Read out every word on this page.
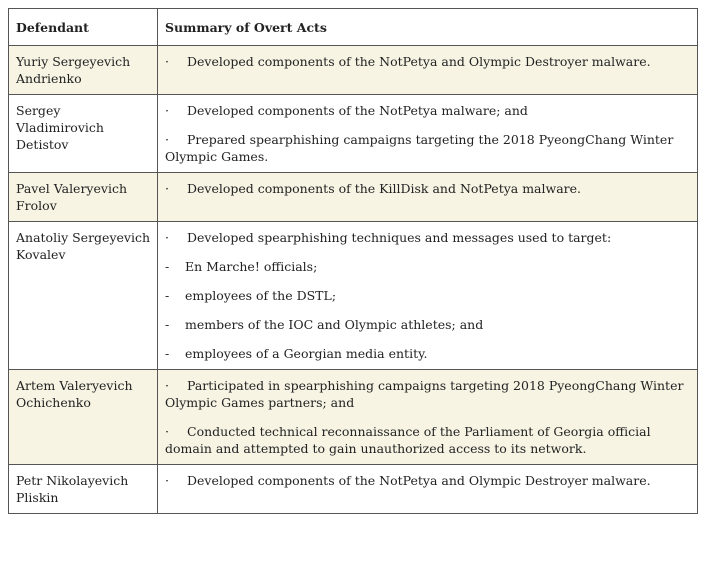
Defendant	Summary of Overt Acts
Yuriy Sergeyevich Andrienko	· Developed components of the NotPetya and Olympic Destroyer malware.

Sergey Vladimirovich Detistov	· Developed components of the NotPetya malware; and
· Prepared spearphishing campaigns targeting the 2018 PyeongChang Winter Olympic Games.

Pavel Valeryevich Frolov	· Developed components of the KillDisk and NotPetya malware.

Anatoliy Sergeyevich Kovalev	· Developed spearphishing techniques and messages used to target:
- En Marche! officials;
- employees of the DSTL;
- members of the IOC and Olympic athletes; and
- employees of a Georgian media entity.

Artem Valeryevich Ochichenko	· Participated in spearphishing campaigns targeting 2018 PyeongChang Winter Olympic Games partners; and
· Conducted technical reconnaissance of the Parliament of Georgia official domain and attempted to gain unauthorized access to its network.

Petr Nikolayevich Pliskin	· Developed components of the NotPetya and Olympic Destroyer malware.
